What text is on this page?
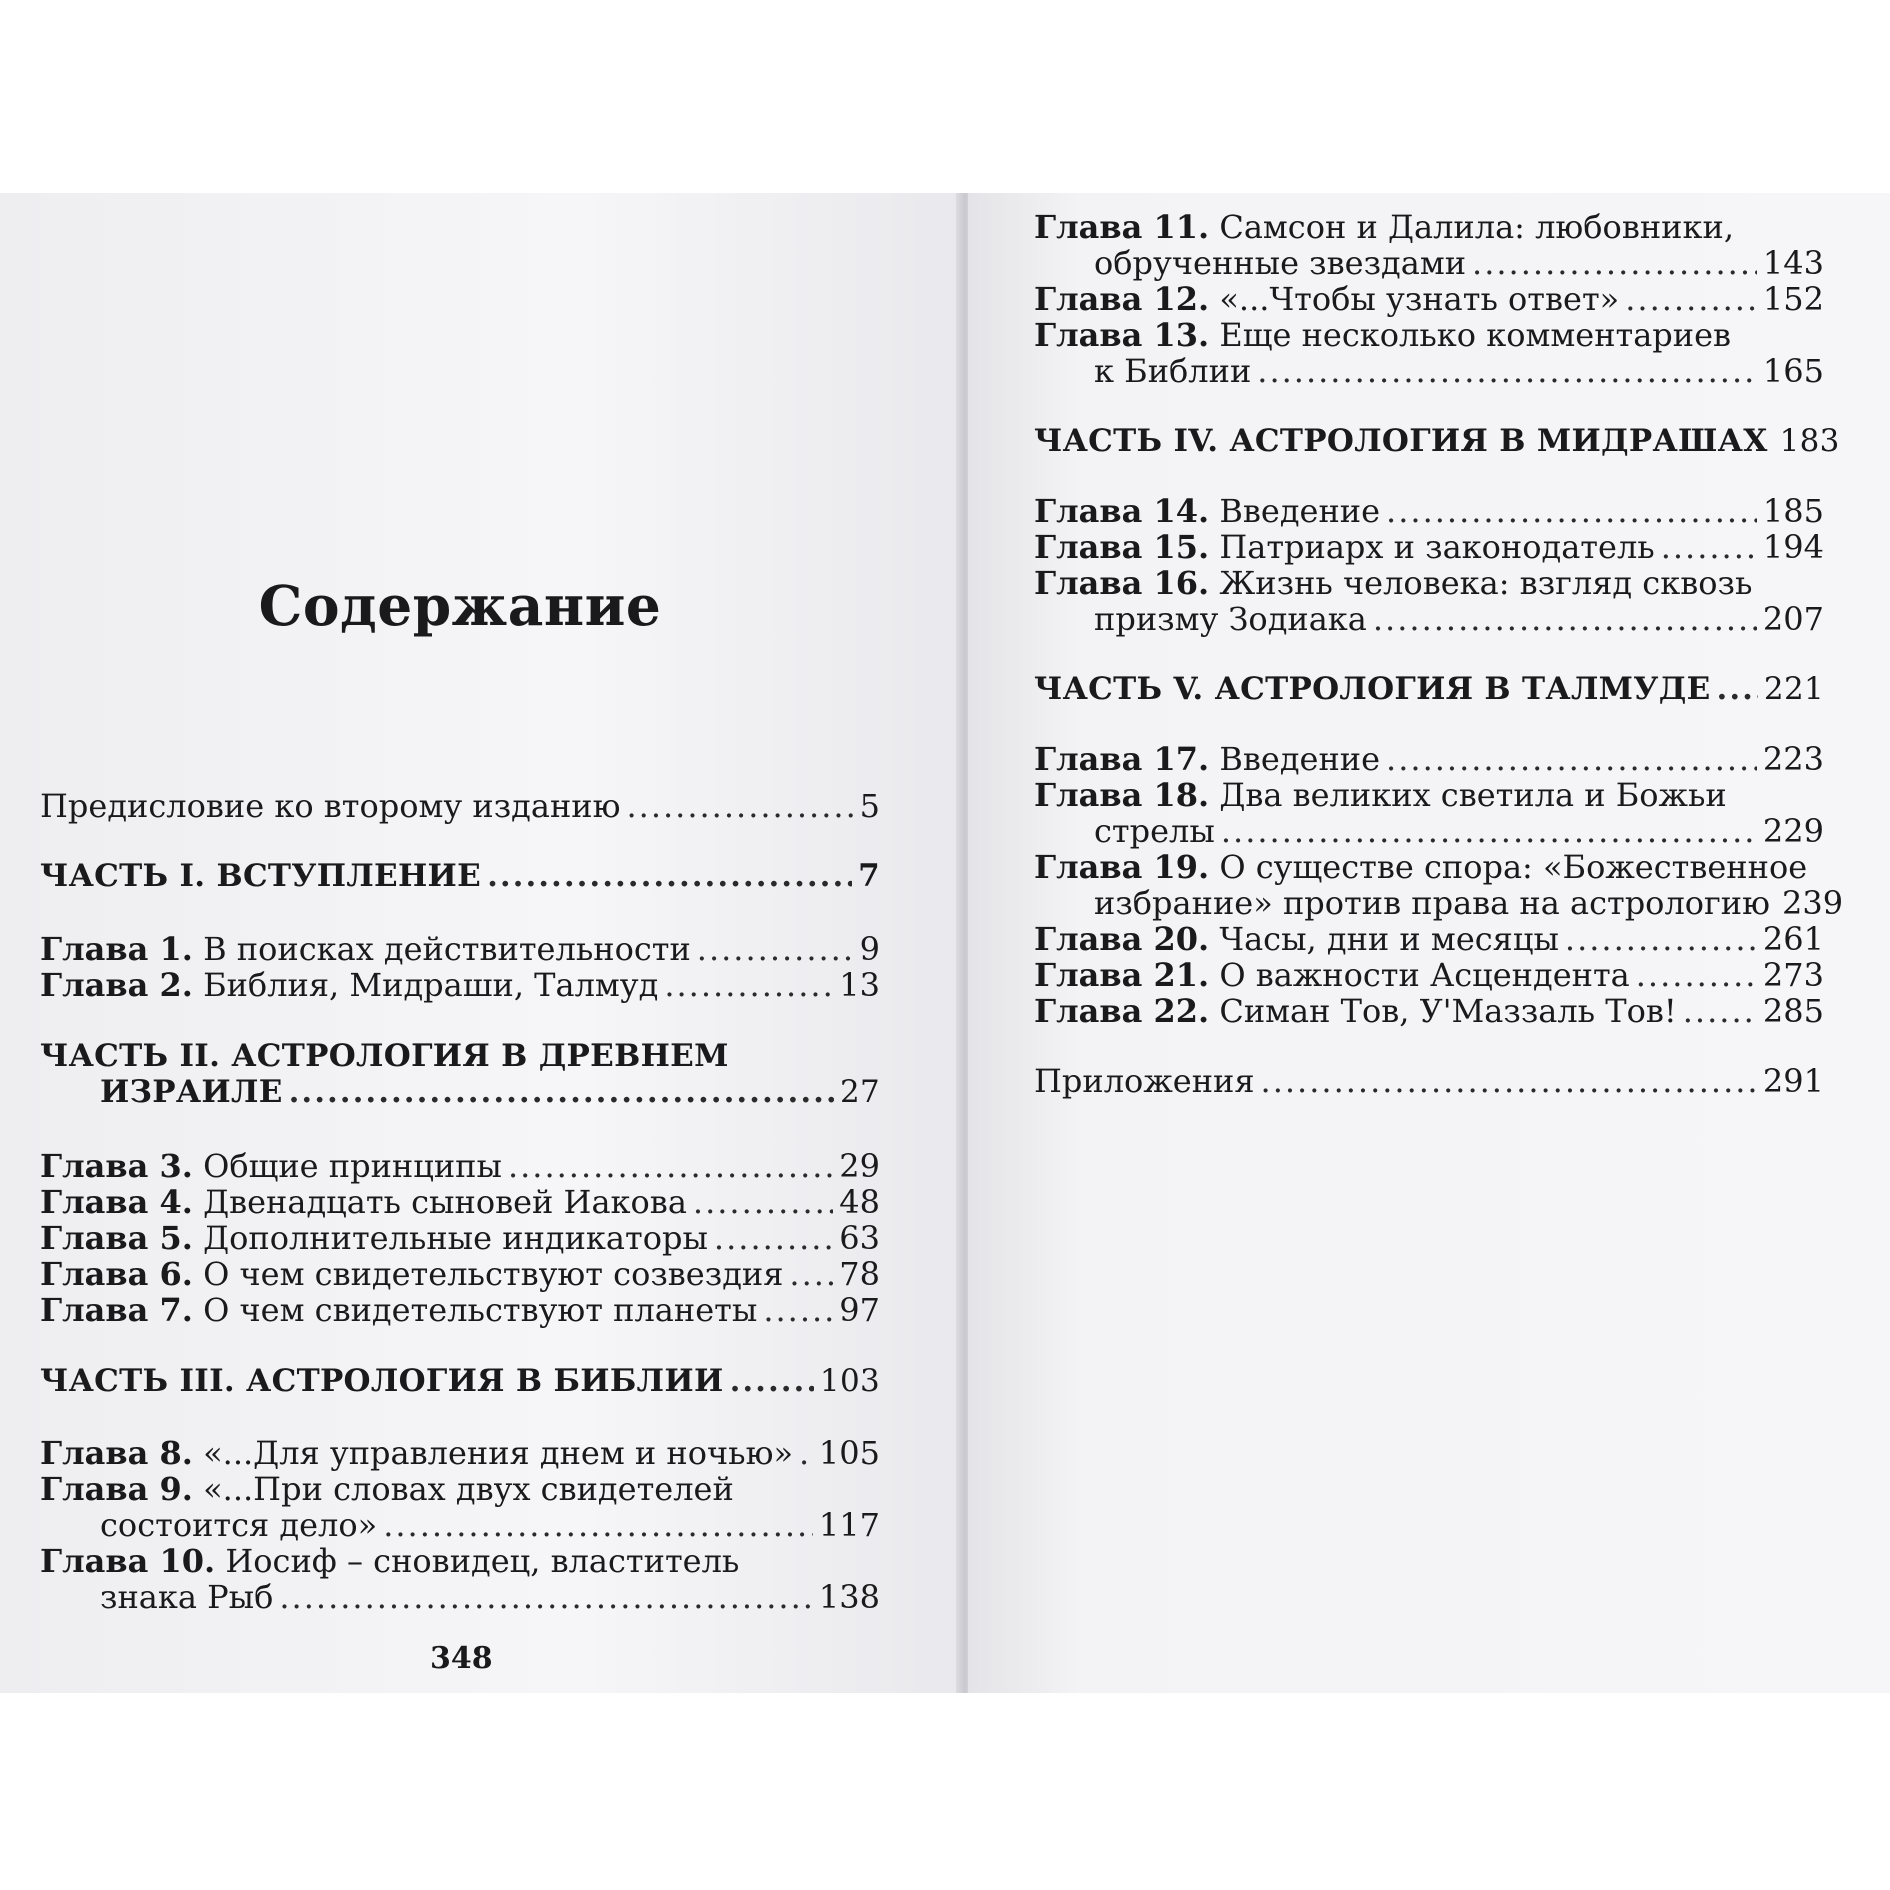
Содержание
Предисловие ко второму изданию .....	5
ЧАСТЬ I. ВСТУПЛЕНИЕ .....	7
Глава 1. В поисках действительности .....	9
Глава 2. Библия, Мидраши, Талмуд .....	13
ЧАСТЬ II. АСТРОЛОГИЯ В ДРЕВНЕМ
ИЗРАИЛЕ .....	27
Глава 3. Общие принципы .....	29
Глава 4. Двенадцать сыновей Иакова .....	48
Глава 5. Дополнительные индикаторы .....	63
Глава 6. О чем свидетельствуют созвездия ..... 78
Глава 7. О чем свидетельствуют планеты .....	97
ЧАСТЬ III. АСТРОЛОГИЯ В БИБЛИИ .....	103
Глава 8. «...Для управления днем и ночью» ..... 105
Глава 9. «...При словах двух свидетелей
состоится дело» .....	117
Глава 10. Иосиф – сновидец, властитель
знака Рыб .....	138
348
Глава 11. Самсон и Далила: любовники,
обрученные звездами .....	143
Глава 12. «...Чтобы узнать ответ» .....	152
Глава 13. Еще несколько комментариев
к Библии .....	165
ЧАСТЬ IV. АСТРОЛОГИЯ В МИДРАШАХ 183
Глава 14. Введение .....	185
Глава 15. Патриарх и законодатель .....	194
Глава 16. Жизнь человека: взгляд сквозь
призму Зодиака .....	207
ЧАСТЬ V. АСТРОЛОГИЯ В ТАЛМУДЕ ..... 221
Глава 17. Введение .....	223
Глава 18. Два великих светила и Божьи
стрелы .....	229
Глава 19. О существе спора: «Божественное
избрание» против права на астрологию 239
Глава 20. Часы, дни и месяцы .....	261
Глава 21. О важности Асцендента .....	273
Глава 22. Симан Тов, У'Маззаль Тов! .....	285
Приложения .....	291
